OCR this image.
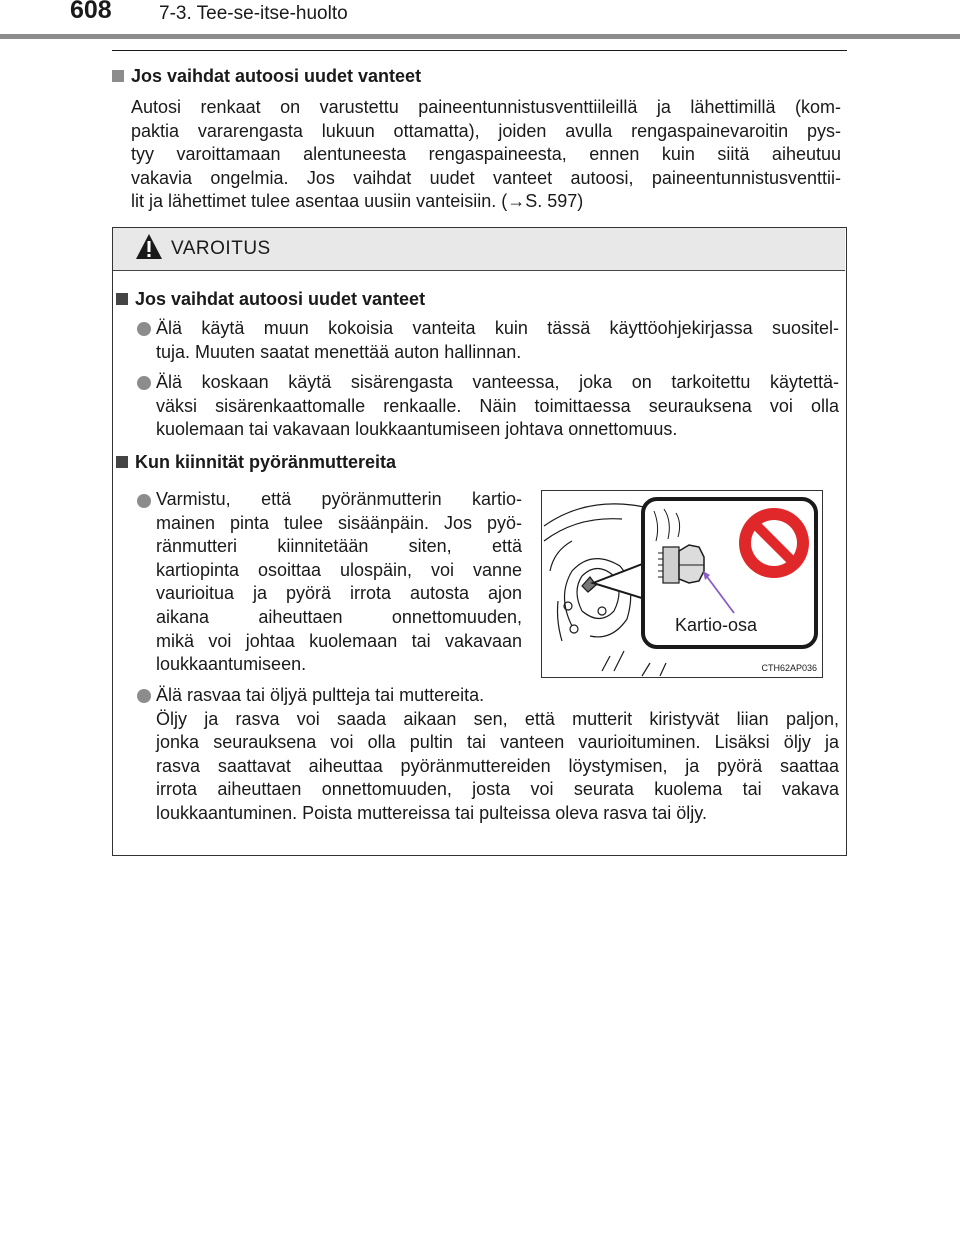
608 7-3. Tee-se-itse-huolto
Jos vaihdat autoosi uudet vanteet
Autosi renkaat on varustettu paineentunnistusventtiileillä ja lähettimillä (kom-
paktia vararengasta lukuun ottamatta), joiden avulla rengaspainevaroitin pys-
tyy varoittamaan alentuneesta rengaspaineesta, ennen kuin siitä aiheutuu
vakavia ongelmia. Jos vaihdat uudet vanteet autoosi, paineentunnistusventtii-
lit ja lähettimet tulee asentaa uusiin vanteisiin. (→S. 597)
VAROITUS
Jos vaihdat autoosi uudet vanteet
Älä käytä muun kokoisia vanteita kuin tässä käyttöohjekirjassa suositel-
tuja. Muuten saatat menettää auton hallinnan.
Älä koskaan käytä sisärengasta vanteessa, joka on tarkoitettu käytettä-
väksi sisärenkaattomalle renkaalle. Näin toimittaessa seurauksena voi olla
kuolemaan tai vakavaan loukkaantumiseen johtava onnettomuus.
Kun kiinnität pyöränmuttereita
Varmistu, että pyöränmutterin kartio-
mainen pinta tulee sisäänpäin. Jos pyö-
ränmutteri kiinnitetään siten, että
kartiopinta osoittaa ulospäin, voi vanne
vaurioitua ja pyörä irrota autosta ajon
aikana aiheuttaen onnettomuuden,
mikä voi johtaa kuolemaan tai vakavaan
loukkaantumiseen.
Kartio-osa
CTH62AP036
Älä rasvaa tai öljyä pultteja tai muttereita.
Öljy ja rasva voi saada aikaan sen, että mutterit kiristyvät liian paljon,
jonka seurauksena voi olla pultin tai vanteen vaurioituminen. Lisäksi öljy ja
rasva saattavat aiheuttaa pyöränmuttereiden löystymisen, ja pyörä saattaa
irrota aiheuttaen onnettomuuden, josta voi seurata kuolema tai vakava
loukkaantuminen. Poista muttereissa tai pulteissa oleva rasva tai öljy.
